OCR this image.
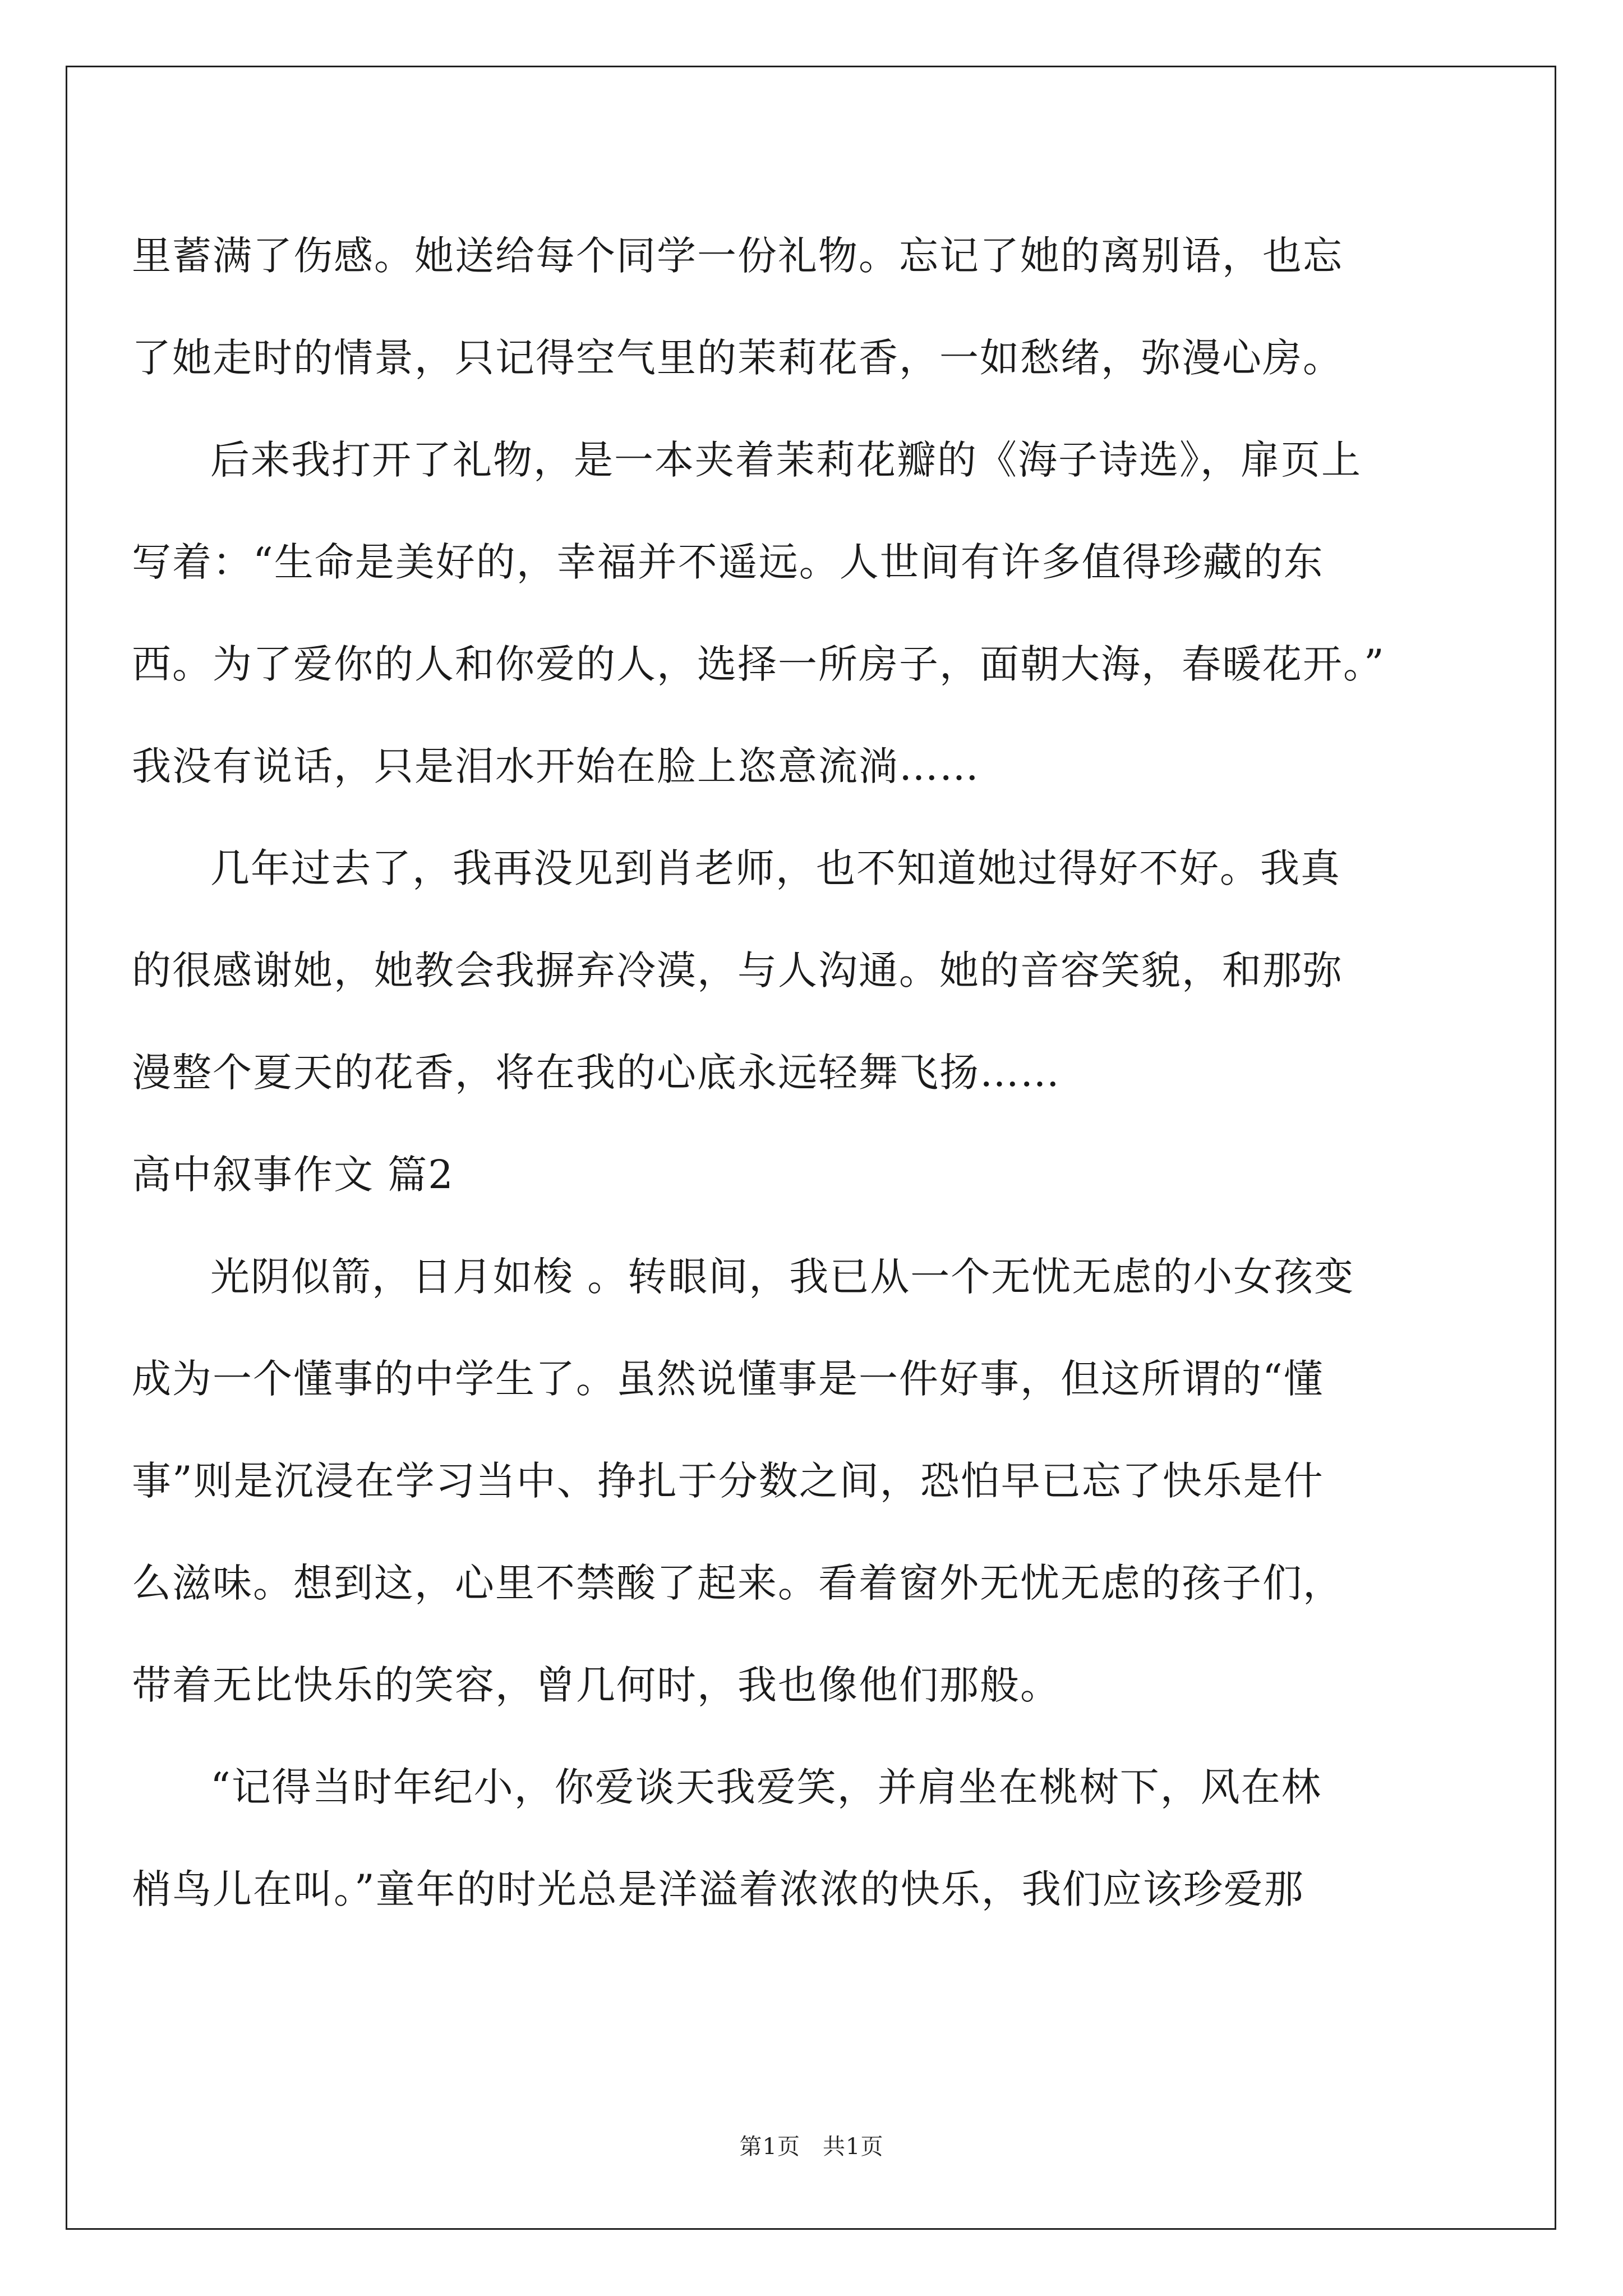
里蓄满了伤感。她送给每个同学一份礼物。忘记了她的离别语，也忘
了她走时的情景，只记得空气里的茉莉花香，一如愁绪，弥漫心房。
后来我打开了礼物，是一本夹着茉莉花瓣的《海子诗选》，扉页上
写着：“生命是美好的，幸福并不遥远。人世间有许多值得珍藏的东
西。为了爱你的人和你爱的人，选择一所房子，面朝大海，春暖花开。”
我没有说话，只是泪水开始在脸上恣意流淌……
几年过去了，我再没见到肖老师，也不知道她过得好不好。我真
的很感谢她，她教会我摒弃冷漠，与人沟通。她的音容笑貌，和那弥
漫整个夏天的花香，将在我的心底永远轻舞飞扬……
高中叙事作文 篇2
光阴似箭，日月如梭 。转眼间，我已从一个无忧无虑的小女孩变
成为一个懂事的中学生了。虽然说懂事是一件好事，但这所谓的“懂
事”则是沉浸在学习当中、挣扎于分数之间，恐怕早已忘了快乐是什
么滋味。想到这，心里不禁酸了起来。看着窗外无忧无虑的孩子们，
带着无比快乐的笑容，曾几何时，我也像他们那般。
“记得当时年纪小，你爱谈天我爱笑，并肩坐在桃树下，风在林
梢鸟儿在叫。”童年的时光总是洋溢着浓浓的快乐，我们应该珍爱那
第1页 共1页
